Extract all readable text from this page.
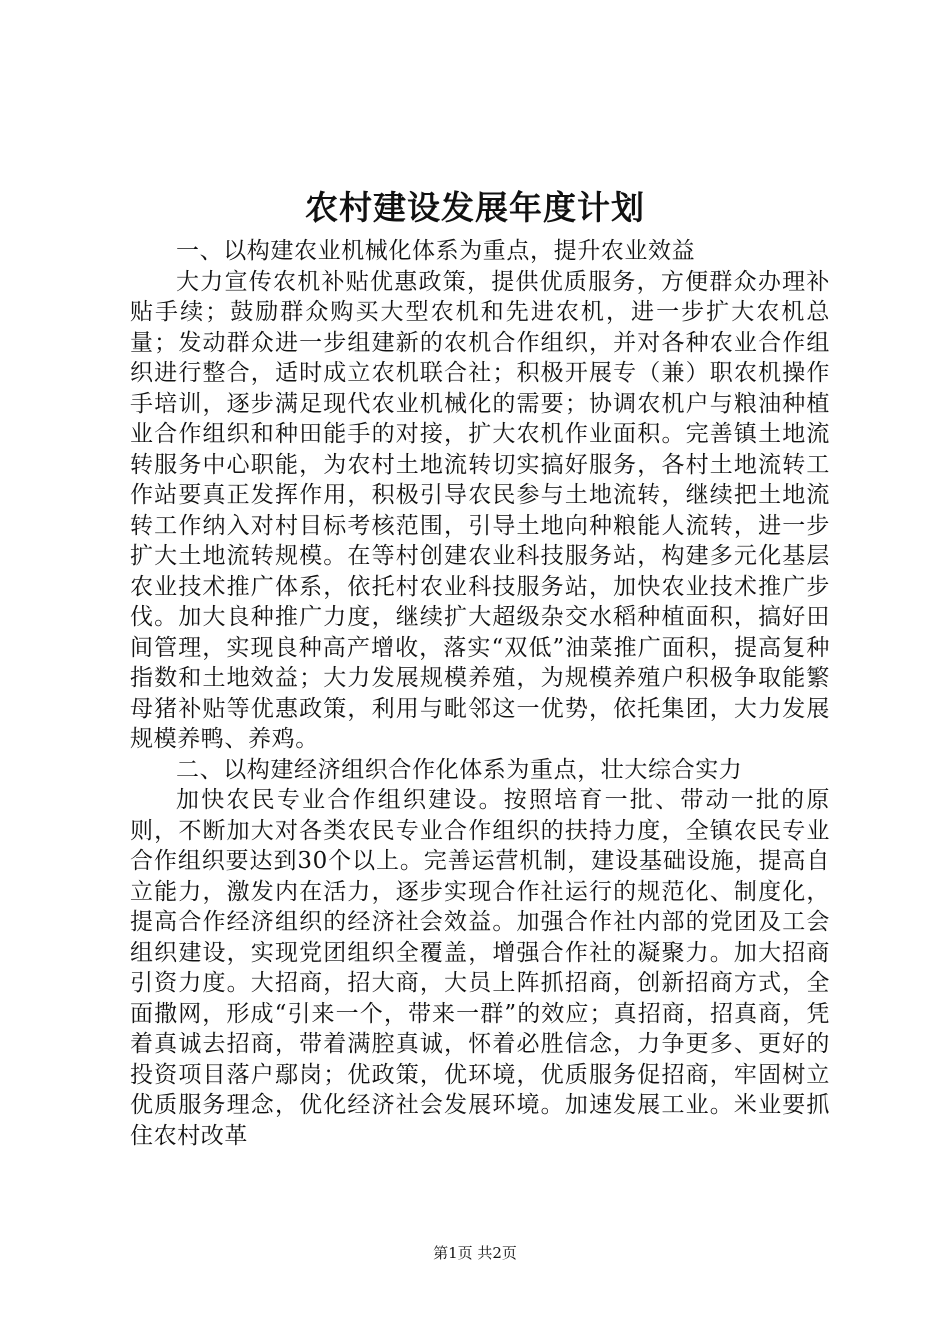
农村建设发展年度计划

一、以构建农业机械化体系为重点，提升农业效益

大力宣传农机补贴优惠政策，提供优质服务，方便群众办理补贴手续；鼓励群众购买大型农机和先进农机，进一步扩大农机总量；发动群众进一步组建新的农机合作组织，并对各种农业合作组织进行整合，适时成立农机联合社；积极开展专（兼）职农机操作手培训，逐步满足现代农业机械化的需要；协调农机户与粮油种植业合作组织和种田能手的对接，扩大农机作业面积。完善镇土地流转服务中心职能，为农村土地流转切实搞好服务，各村土地流转工作站要真正发挥作用，积极引导农民参与土地流转，继续把土地流转工作纳入对村目标考核范围，引导土地向种粮能人流转，进一步扩大土地流转规模。在等村创建农业科技服务站，构建多元化基层农业技术推广体系，依托村农业科技服务站，加快农业技术推广步伐。加大良种推广力度，继续扩大超级杂交水稻种植面积，搞好田间管理，实现良种高产增收，落实“双低”油菜推广面积，提高复种指数和土地效益；大力发展规模养殖，为规模养殖户积极争取能繁母猪补贴等优惠政策，利用与毗邻这一优势，依托集团，大力发展规模养鸭、养鸡。

二、以构建经济组织合作化体系为重点，壮大综合实力

加快农民专业合作组织建设。按照培育一批、带动一批的原则，不断加大对各类农民专业合作组织的扶持力度，全镇农民专业合作组织要达到30个以上。完善运营机制，建设基础设施，提高自立能力，激发内在活力，逐步实现合作社运行的规范化、制度化，提高合作经济组织的经济社会效益。加强合作社内部的党团及工会组织建设，实现党团组织全覆盖，增强合作社的凝聚力。加大招商引资力度。大招商，招大商，大员上阵抓招商，创新招商方式，全面撒网，形成“引来一个，带来一群”的效应；真招商，招真商，凭着真诚去招商，带着满腔真诚，怀着必胜信念，力争更多、更好的投资项目落户鄢岗；优政策，优环境，优质服务促招商，牢固树立优质服务理念，优化经济社会发展环境。加速发展工业。米业要抓住农村改革

第1页 共2页
